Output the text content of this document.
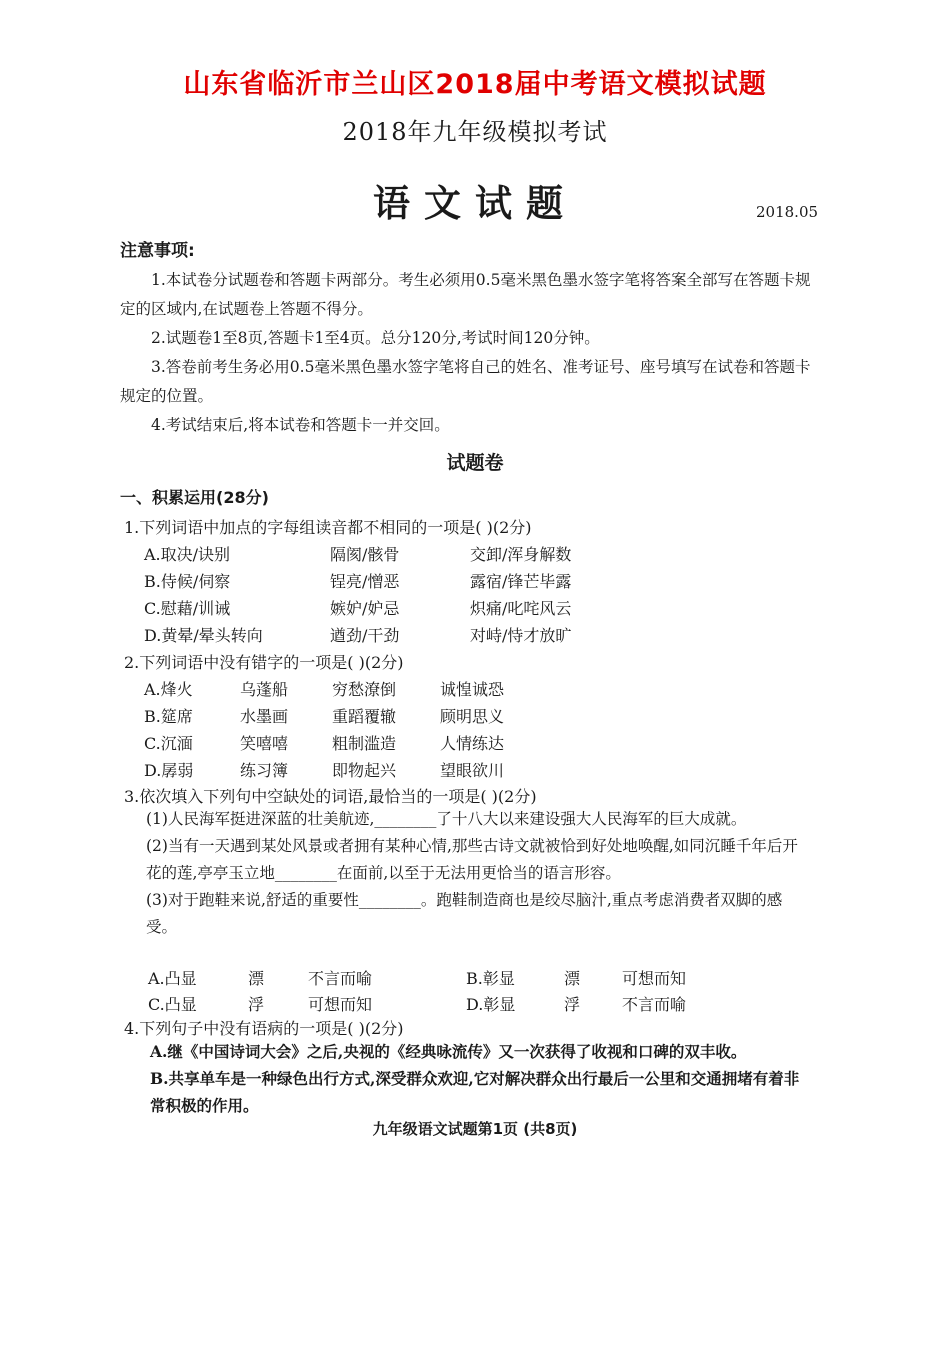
山东省临沂市兰山区2018届中考语文模拟试题
2018年九年级模拟考试
语文试题	2018.05
注意事项:

1.本试卷分试题卷和答题卡两部分。考生必须用0.5毫米黑色墨水签字笔将答案全部写在答题卡规定的区域内,在试题卷上答题不得分。

2.试题卷1至8页,答题卡1至4页。总分120分,考试时间120分钟。

3.答卷前考生务必用0.5毫米黑色墨水签字笔将自己的姓名、准考证号、座号填写在试卷和答题卡规定的位置。

4.考试结束后,将本试卷和答题卡一并交回。

试题卷
一、积累运用(28分)
1.下列词语中加点的字每组读音都不相同的一项是( )(2分)
A.取决/诀别	隔阂/骸骨	交卸/浑身解数
B.侍候/伺察	锃亮/憎恶	露宿/锋芒毕露
C.慰藉/训诫	嫉妒/妒忌	炽痛/叱咤风云
D.黄晕/晕头转向	遒劲/干劲	对峙/恃才放旷
2.下列词语中没有错字的一项是( )(2分)
A.烽火	乌蓬船	穷愁潦倒	诚惶诚恐
B.筵席	水墨画	重蹈覆辙	顾明思义
C.沉湎	笑嘻嘻	粗制滥造	人情练达
D.孱弱	练习簿	即物起兴	望眼欲川
3.依次填入下列句中空缺处的词语,最恰当的一项是( )(2分)

(1)人民海军挺进深蓝的壮美航迹,________了十八大以来建设强大人民海军的巨大成就。

(2)当有一天遇到某处风景或者拥有某种心情,那些古诗文就被恰到好处地唤醒,如同沉睡千年后开花的莲,亭亭玉立地________在面前,以至于无法用更恰当的语言形容。

(3)对于跑鞋来说,舒适的重要性________。跑鞋制造商也是绞尽脑汁,重点考虑消费者双脚的感受。

A.凸显	漂	不言而喻	B.彰显	漂	可想而知
C.凸显	浮	可想而知	D.彰显	浮	不言而喻
4.下列句子中没有语病的一项是( )(2分)

A.继《中国诗词大会》之后,央视的《经典咏流传》又一次获得了收视和口碑的双丰收。

B.共享单车是一种绿色出行方式,深受群众欢迎,它对解决群众出行最后一公里和交通拥堵有着非常积极的作用。

九年级语文试题第1页 (共8页)
